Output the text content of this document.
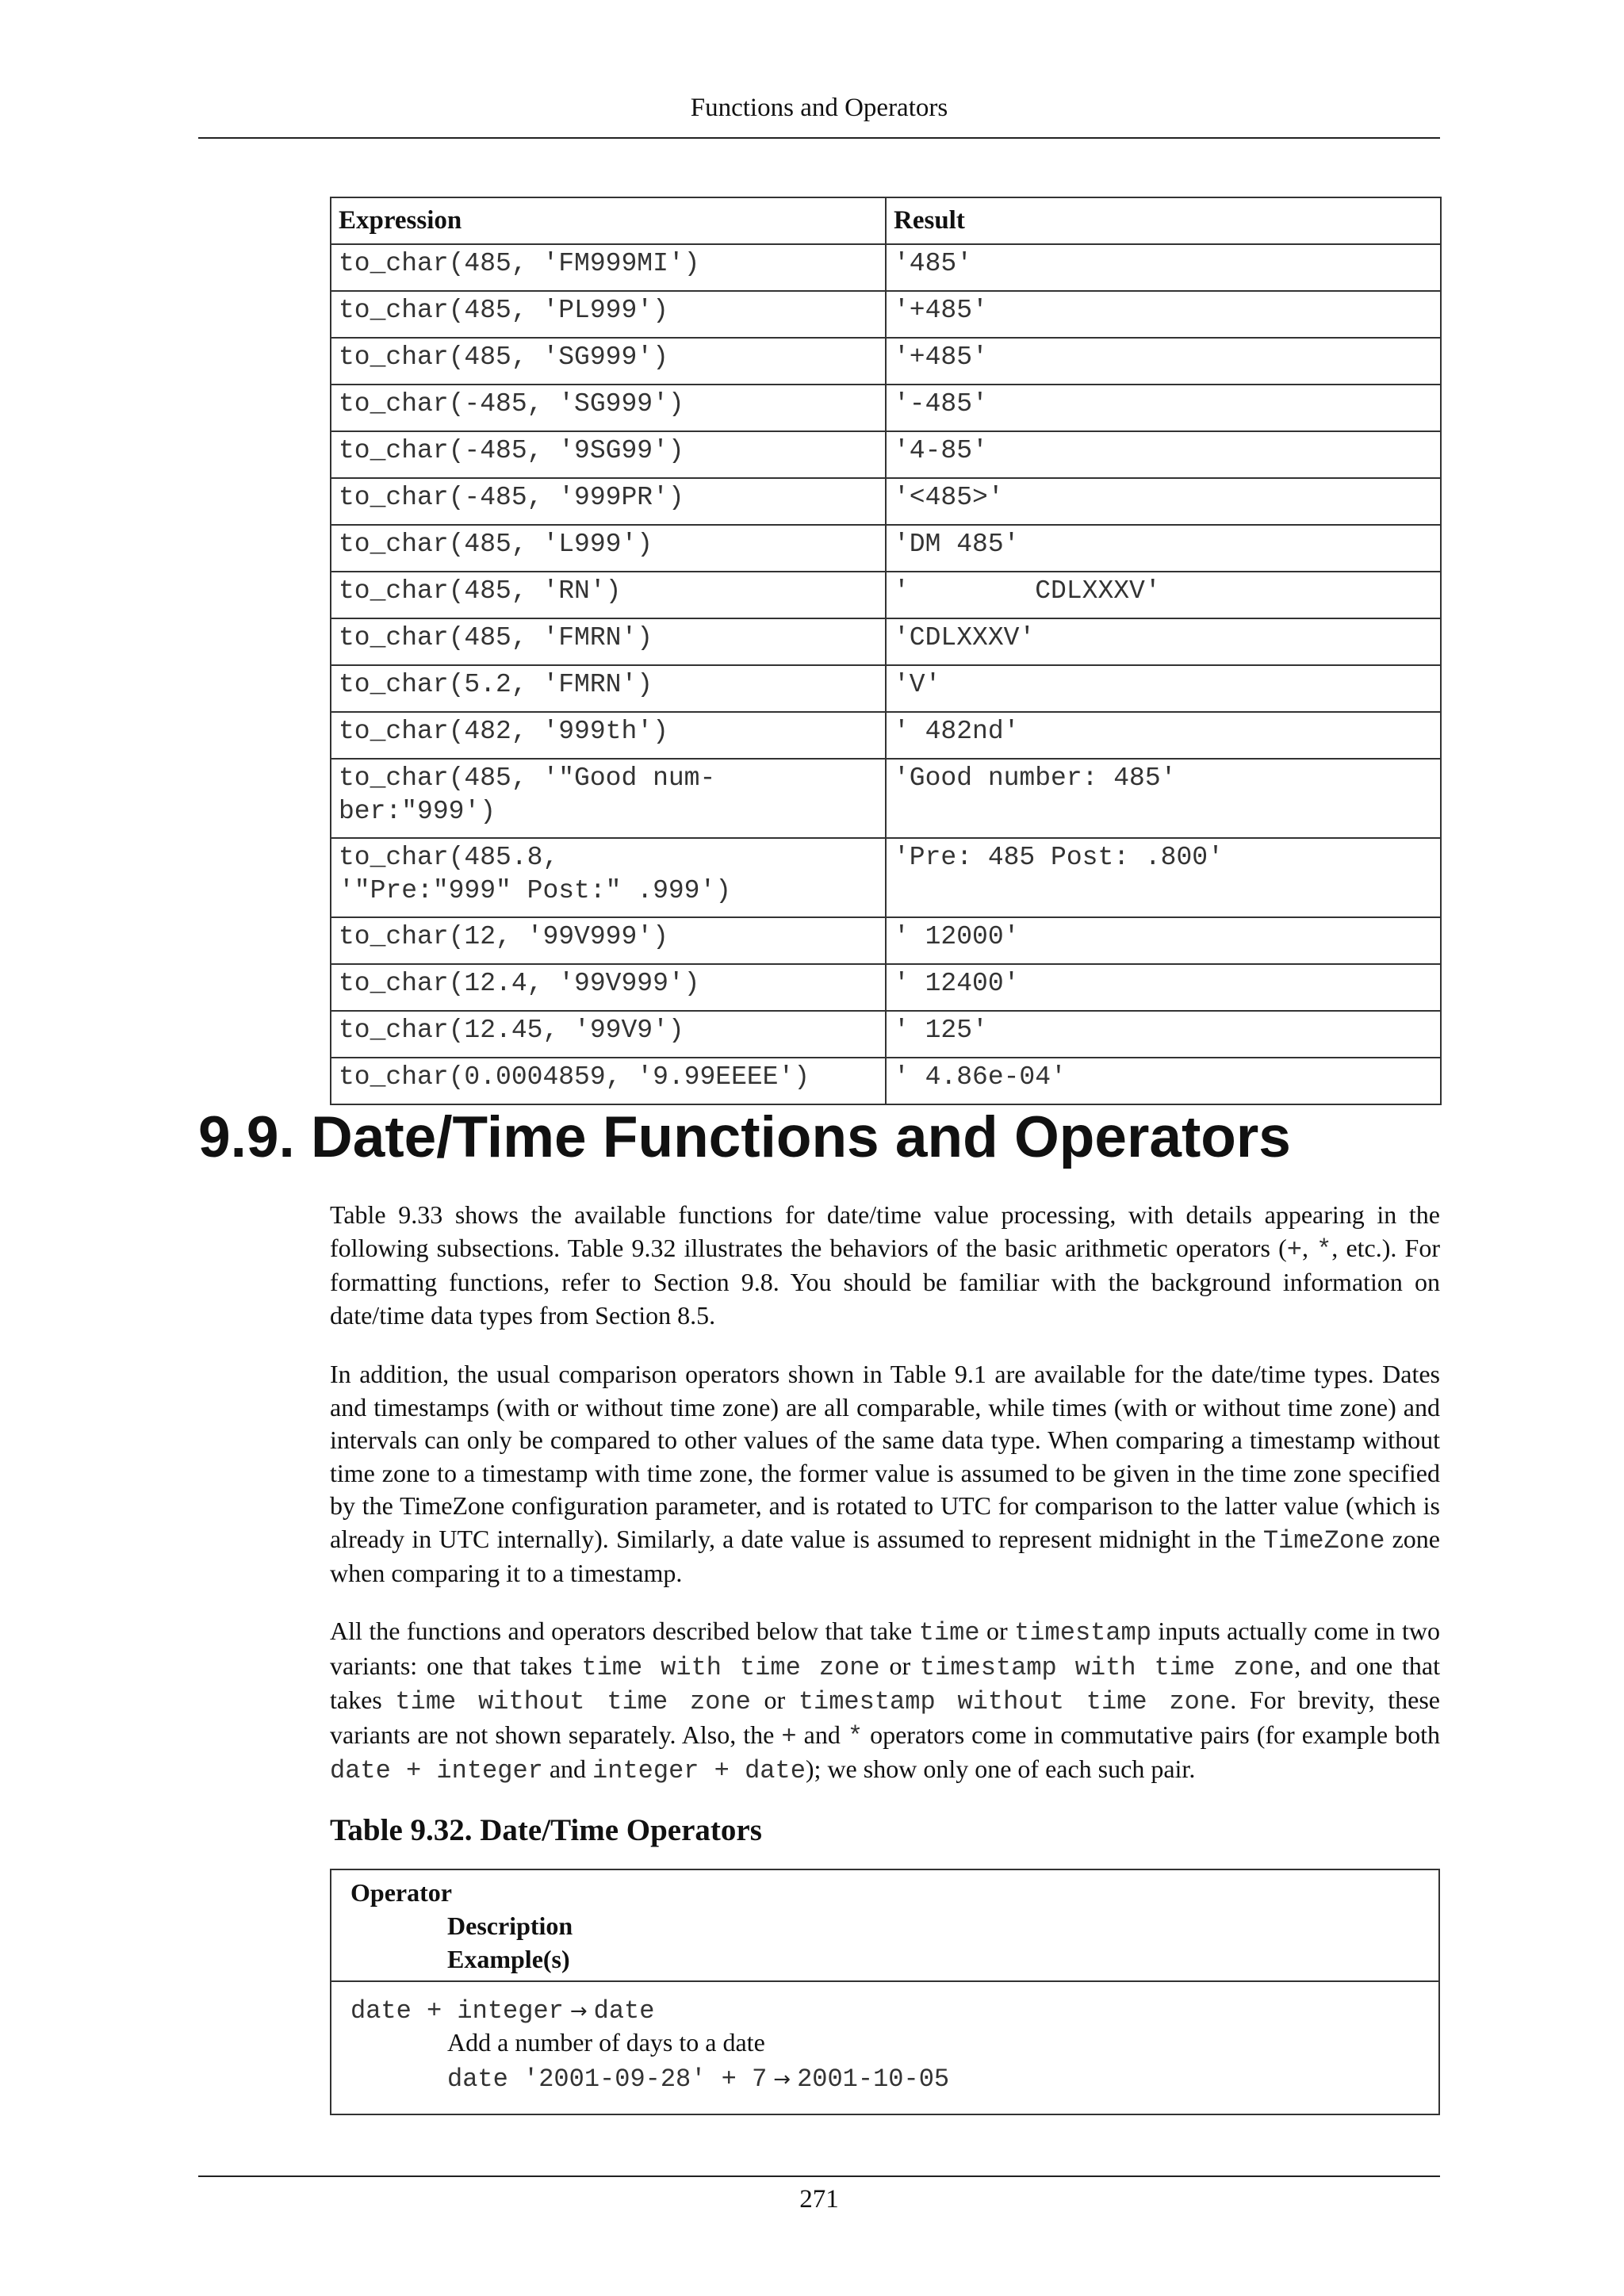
Functions and Operators
Expression	Result
to_char(485, 'FM999MI')	'485'
to_char(485, 'PL999')	'+485'
to_char(485, 'SG999')	'+485'
to_char(-485, 'SG999')	'-485'
to_char(-485, '9SG99')	'4-85'
to_char(-485, '999PR')	'<485>'
to_char(485, 'L999')	'DM 485'
to_char(485, 'RN')	'        CDLXXXV'
to_char(485, 'FMRN')	'CDLXXXV'
to_char(5.2, 'FMRN')	'V'
to_char(482, '999th')	' 482nd'
to_char(485, '"Good num-
ber:"999')	'Good number: 485'
to_char(485.8,
'"Pre:"999" Post:" .999')	'Pre: 485 Post: .800'
to_char(12, '99V999')	' 12000'
to_char(12.4, '99V999')	' 12400'
to_char(12.45, '99V9')	' 125'
to_char(0.0004859, '9.99EEEE')	' 4.86e-04'
9.9. Date/Time Functions and Operators

Table 9.33 shows the available functions for date/time value processing, with details appearing in the following subsections. Table 9.32 illustrates the behaviors of the basic arithmetic operators (+, *, etc.). For formatting functions, refer to Section 9.8. You should be familiar with the background information on date/time data types from Section 8.5.

In addition, the usual comparison operators shown in Table 9.1 are available for the date/time types. Dates and timestamps (with or without time zone) are all comparable, while times (with or without time zone) and intervals can only be compared to other values of the same data type. When comparing a timestamp without time zone to a timestamp with time zone, the former value is assumed to be given in the time zone specified by the TimeZone configuration parameter, and is rotated to UTC for comparison to the latter value (which is already in UTC internally). Similarly, a date value is assumed to represent midnight in the TimeZone zone when comparing it to a timestamp.

All the functions and operators described below that take time or timestamp inputs actually come in two variants: one that takes time with time zone or timestamp with time zone, and one that takes time without time zone or timestamp without time zone. For brevity, these variants are not shown separately. Also, the + and * operators come in commutative pairs (for example both date + integer and integer + date); we show only one of each such pair.

Table 9.32. Date/Time Operators
Operator
Description
Example(s)
date + integer → date
Add a number of days to a date
date '2001-09-28' + 7 → 2001-10-05
271
